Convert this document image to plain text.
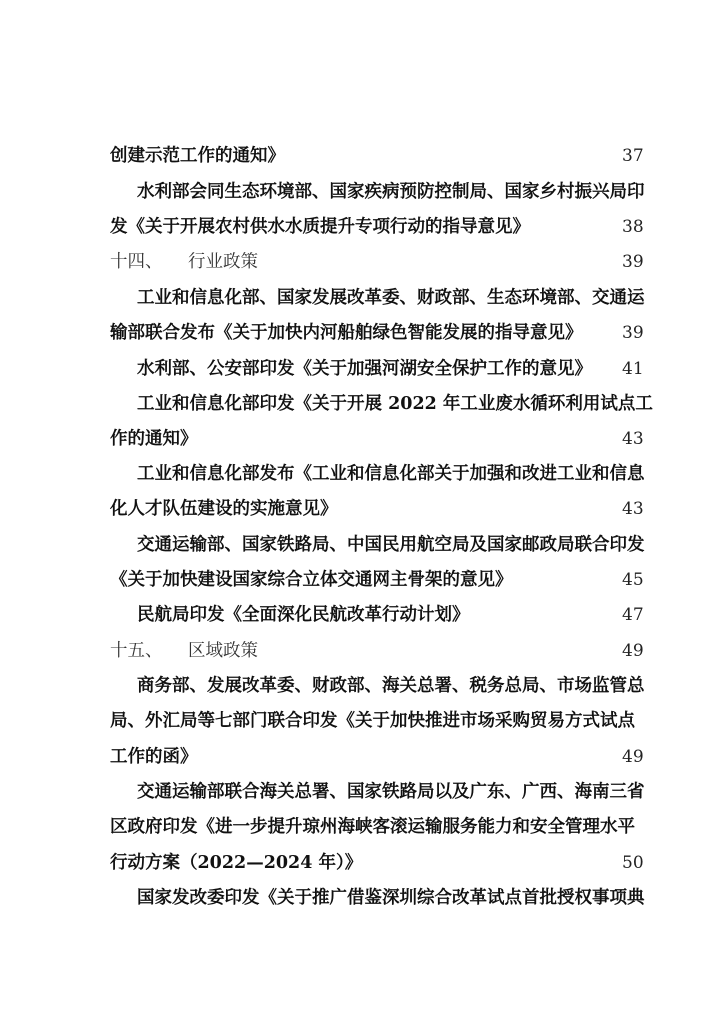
创建示范工作的通知》	37
水利部会同生态环境部、国家疾病预防控制局、国家乡村振兴局印
发《关于开展农村供水水质提升专项行动的指导意见》	38
十四、 行业政策	39
工业和信息化部、国家发展改革委、财政部、生态环境部、交通运
输部联合发布《关于加快内河船舶绿色智能发展的指导意见》 39
水利部、公安部印发《关于加强河湖安全保护工作的意见》 41
工业和信息化部印发《关于开展 2022 年工业废水循环利用试点工
作的通知》	43
工业和信息化部发布《工业和信息化部关于加强和改进工业和信息
化人才队伍建设的实施意见》	43
交通运输部、国家铁路局、中国民用航空局及国家邮政局联合印发
《关于加快建设国家综合立体交通网主骨架的意见》	45
民航局印发《全面深化民航改革行动计划》	47
十五、 区域政策	49
商务部、发展改革委、财政部、海关总署、税务总局、市场监管总
局、外汇局等七部门联合印发《关于加快推进市场采购贸易方式试点
工作的函》	49
交通运输部联合海关总署、国家铁路局以及广东、广西、海南三省
区政府印发《进一步提升琼州海峡客滚运输服务能力和安全管理水平
行动方案（2022—2024 年）》	50
国家发改委印发《关于推广借鉴深圳综合改革试点首批授权事项典
